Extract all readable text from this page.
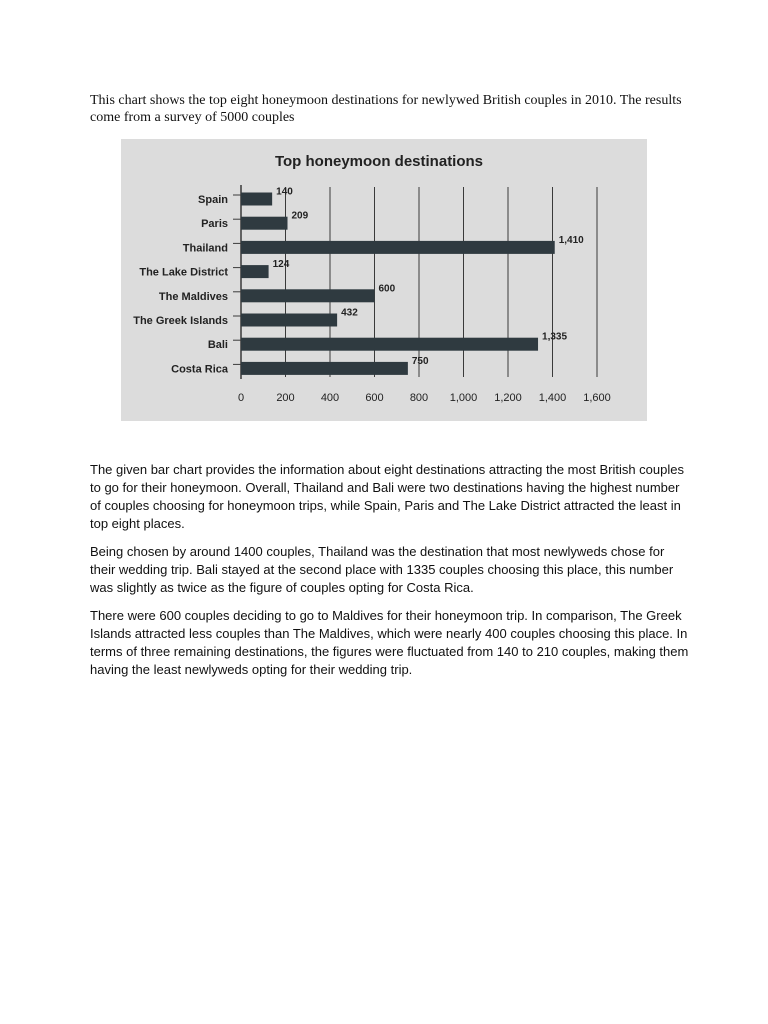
This chart shows the top eight honeymoon destinations for newlywed British couples in 2010. The results come from a survey of 5000 couples

Top honeymoon destinations
Spain
140
Paris
209
Thailand
1,410
The Lake District
124
The Maldives
600
The Greek Islands
432
Bali
1,335
Costa Rica
750
0	200 400 600 800 1,000 1,200 1,400 1,600

The given bar chart provides the information about eight destinations attracting the most British couples to go for their honeymoon. Overall, Thailand and Bali were two destinations having the highest number of couples choosing for honeymoon trips, while Spain, Paris and The Lake District attracted the least in top eight places.

Being chosen by around 1400 couples, Thailand was the destination that most newlyweds chose for their wedding trip. Bali stayed at the second place with 1335 couples choosing this place, this number was slightly as twice as the figure of couples opting for Costa Rica.

There were 600 couples deciding to go to Maldives for their honeymoon trip. In comparison, The Greek Islands attracted less couples than The Maldives, which were nearly 400 couples choosing this place. In terms of three remaining destinations, the figures were fluctuated from 140 to 210 couples, making them having the least newlyweds opting for their wedding trip.
